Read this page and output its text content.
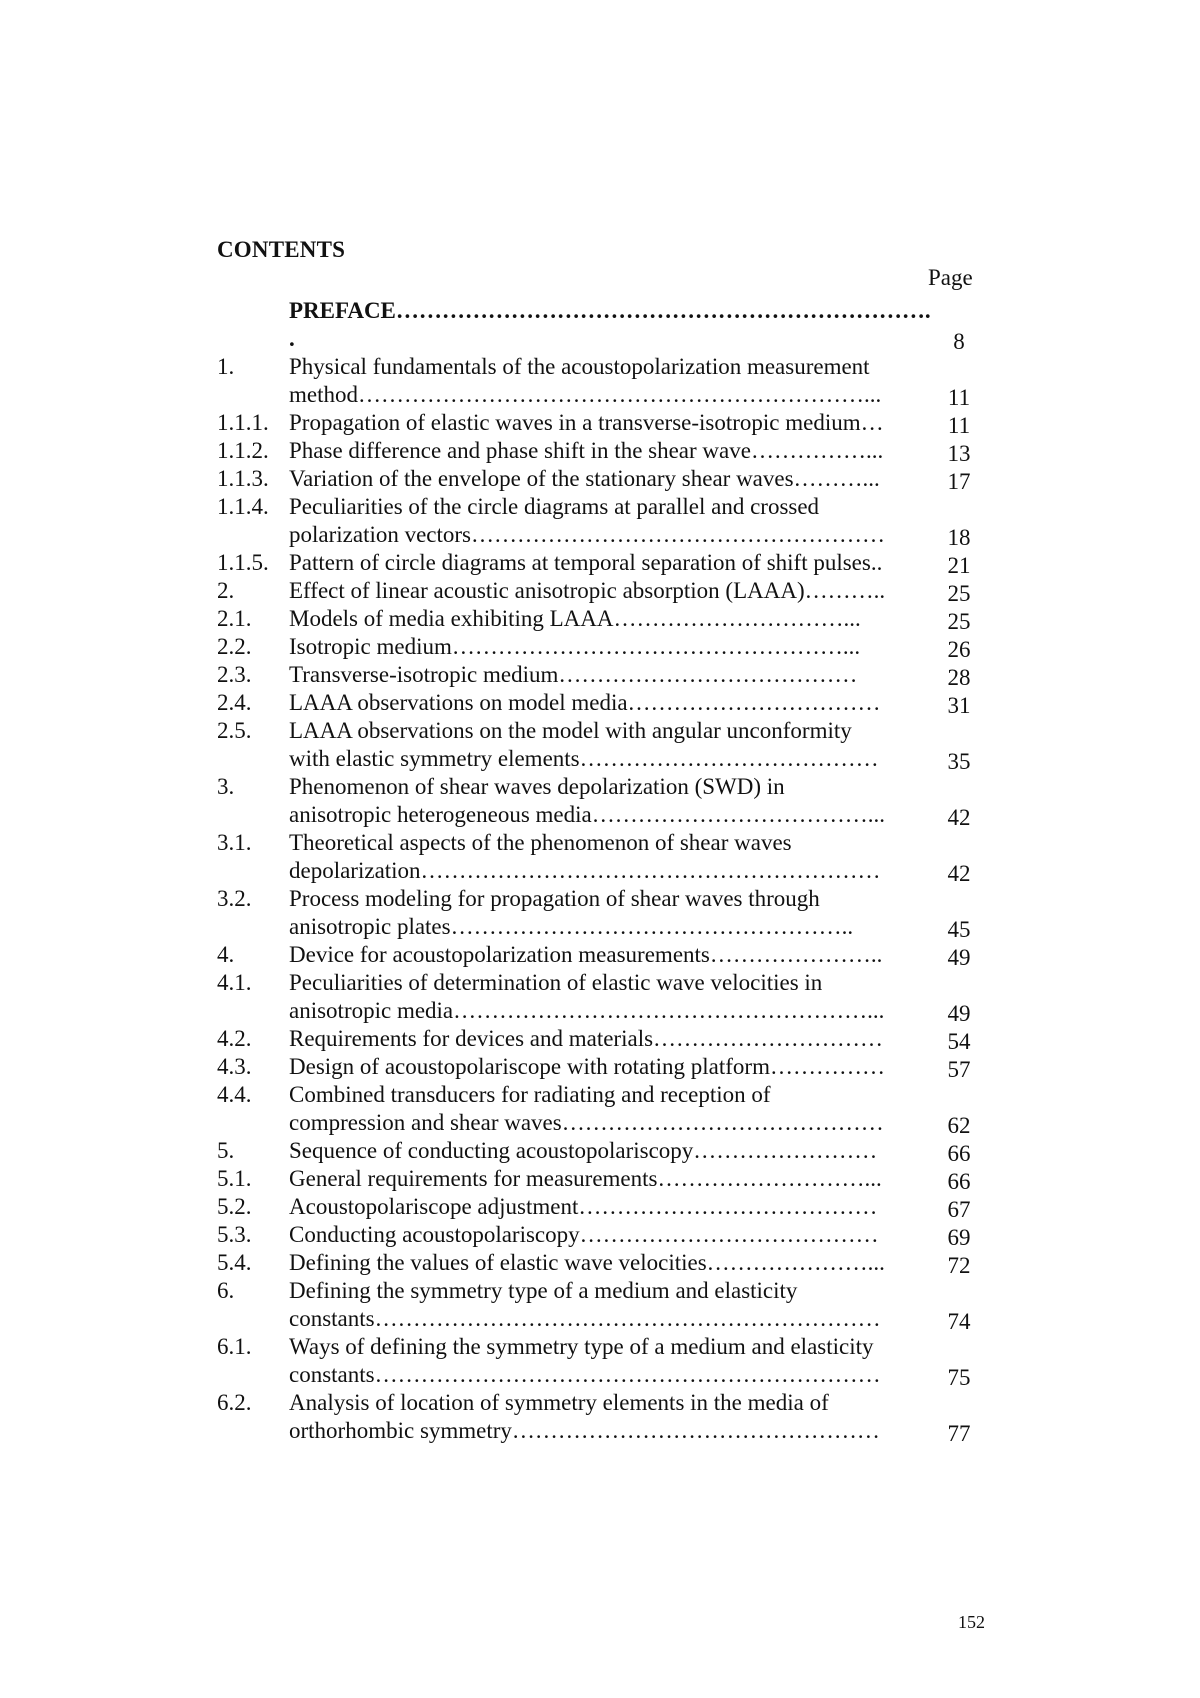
CONTENTS
Page
PREFACE…………………………………………………………….
.	8
1.	Physical fundamentals of the acoustopolarization measurement
method…………………………………………………………...	11
1.1.1. Propagation of elastic waves in a transverse-isotropic medium…	11
1.1.2. Phase difference and phase shift in the shear wave……………...	13
1.1.3. Variation of the envelope of the stationary shear waves………...	17
1.1.4. Peculiarities of the circle diagrams at parallel and crossed
polarization vectors………………………………………………	18
1.1.5. Pattern of circle diagrams at temporal separation of shift pulses..	21
2.	Effect of linear acoustic anisotropic absorption (LAAA)………..	25
2.1.	Models of media exhibiting LAAA…………………………...	25
2.2.	Isotropic medium……………………………………………...	26
2.3.	Transverse-isotropic medium…………………………………	28
2.4.	LAAA observations on model media……………………………	31
2.5.	LAAA observations on the model with angular unconformity
with elastic symmetry elements…………………………………	35
3.	Phenomenon of shear waves depolarization (SWD) in
anisotropic heterogeneous media………………………………...	42
3.1.	Theoretical aspects of the phenomenon of shear waves
depolarization……………………………………………………	42
3.2.	Process modeling for propagation of shear waves through
anisotropic plates……………………………………………..	45
4.	Device for acoustopolarization measurements…………………..	49
4.1.	Peculiarities of determination of elastic wave velocities in
anisotropic media………………………………………………...	49
4.2.	Requirements for devices and materials…………………………	54
4.3.	Design of acoustopolariscope with rotating platform……………	57
4.4.	Combined transducers for radiating and reception of
compression and shear waves……………………………………	62
5.	Sequence of conducting acoustopolariscopy……………………	66
5.1.	General requirements for measurements………………………...	66
5.2.	Acoustopolariscope adjustment…………………………………	67
5.3.	Conducting acoustopolariscopy…………………………………	69
5.4.	Defining the values of elastic wave velocities…………………...	72
6.	Defining the symmetry type of a medium and elasticity
constants…………………………………………………………	74
6.1.	Ways of defining the symmetry type of a medium and elasticity
constants…………………………………………………………	75
6.2.	Analysis of location of symmetry elements in the media of
orthorhombic symmetry…………………………………………	77
152
